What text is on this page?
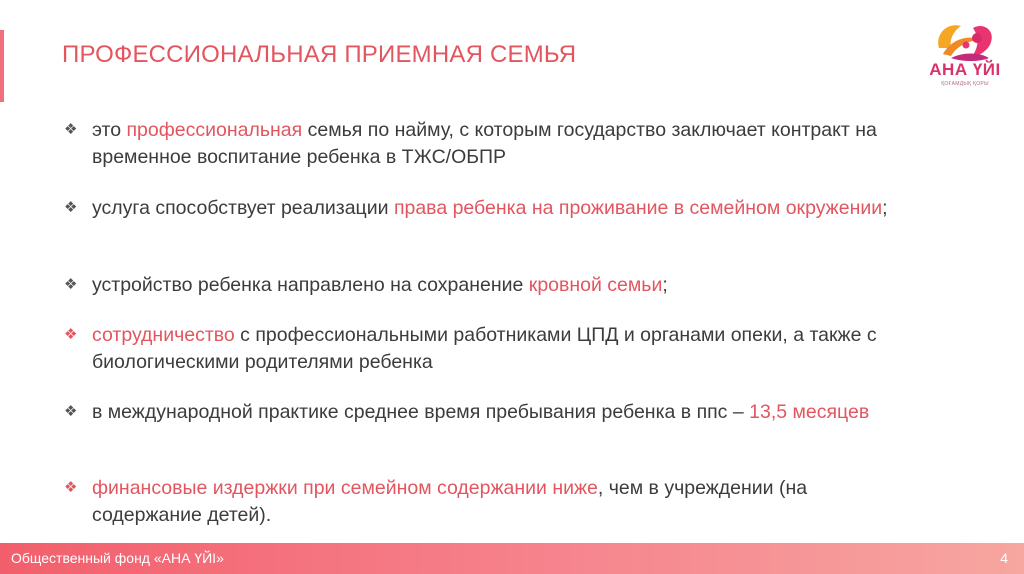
ПРОФЕССИОНАЛЬНАЯ ПРИЕМНАЯ СЕМЬЯ
АНА ҮЙІ
ҚОҒАМДЫҚ ҚОРЫ
❖ это профессиональная семья по найму, с которым государство заключает контракт на временное воспитание ребенка в ТЖС/ОБПР
❖ услуга способствует реализации права ребенка на проживание в семейном окружении;
❖ устройство ребенка направлено на сохранение кровной семьи;
❖ сотрудничество с профессиональными работниками ЦПД и органами опеки, а также с биологическими родителями ребенка
❖ в международной практике среднее время пребывания ребенка в ппс – 13,5 месяцев
❖ финансовые издержки при семейном содержании ниже, чем в учреждении (на содержание детей).
Общественный фонд «АНА ҮЙІ»	4
